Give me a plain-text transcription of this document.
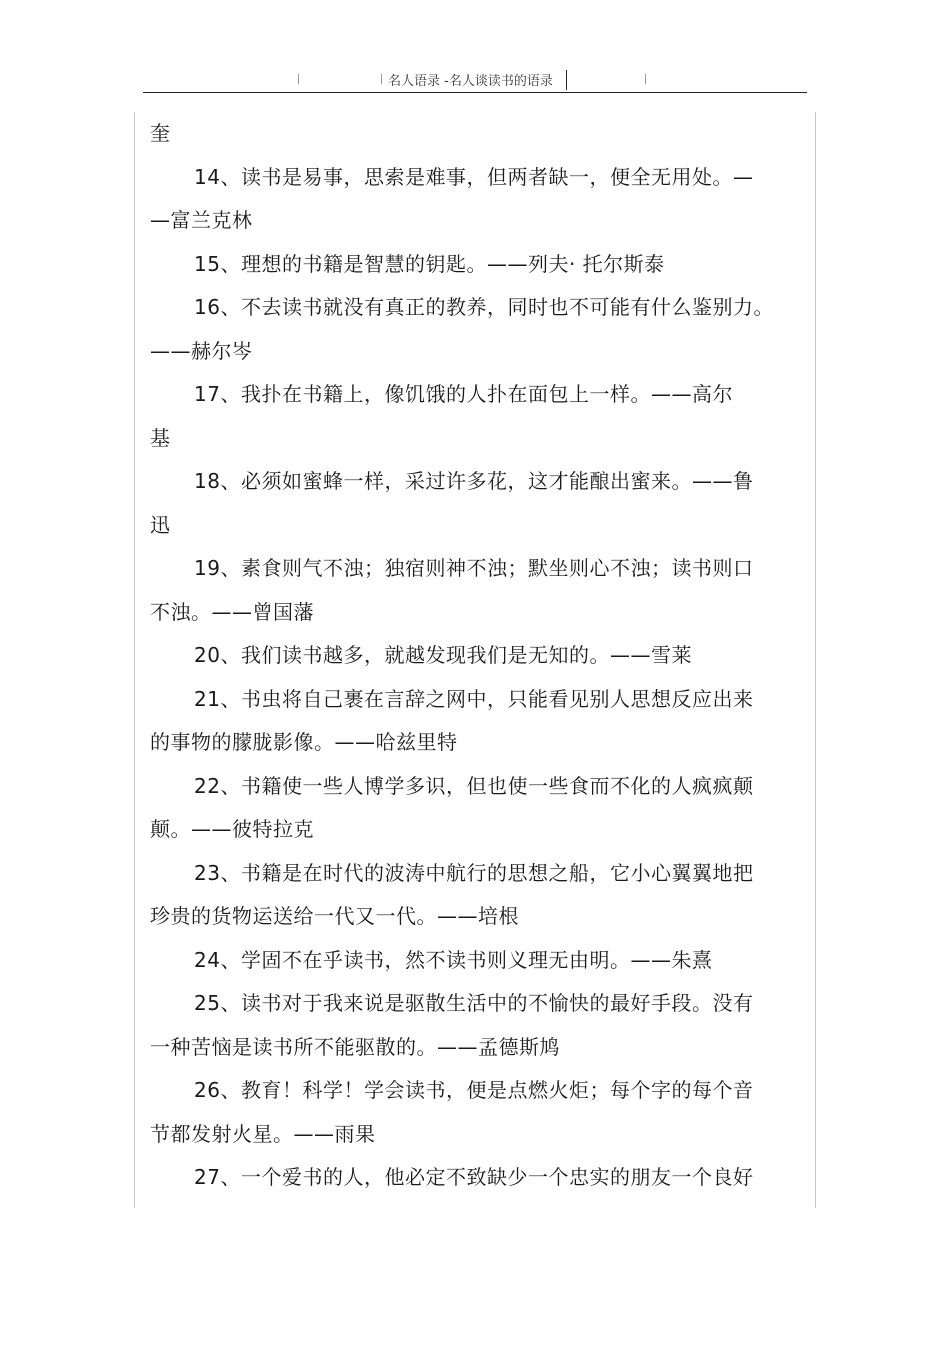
名人语录 -名人谈读书的语录
奎
14、读书是易事，思索是难事，但两者缺一，便全无用处。—
—富兰克林
15、理想的书籍是智慧的钥匙。——列夫· 托尔斯泰
16、不去读书就没有真正的教养，同时也不可能有什么鉴别力。
——赫尔岑
17、我扑在书籍上，像饥饿的人扑在面包上一样。——高尔
基
18、必须如蜜蜂一样，采过许多花，这才能酿出蜜来。——鲁
迅
19、素食则气不浊；独宿则神不浊；默坐则心不浊；读书则口
不浊。——曾国藩
20、我们读书越多，就越发现我们是无知的。——雪莱
21、书虫将自己裹在言辞之网中，只能看见别人思想反应出来
的事物的朦胧影像。——哈兹里特
22、书籍使一些人博学多识，但也使一些食而不化的人疯疯颠
颠。——彼特拉克
23、书籍是在时代的波涛中航行的思想之船，它小心翼翼地把
珍贵的货物运送给一代又一代。——培根
24、学固不在乎读书，然不读书则义理无由明。——朱熹
25、读书对于我来说是驱散生活中的不愉快的最好手段。没有
一种苦恼是读书所不能驱散的。——孟德斯鸠
26、教育！科学！学会读书，便是点燃火炬；每个字的每个音
节都发射火星。——雨果
27、一个爱书的人，他必定不致缺少一个忠实的朋友一个良好
